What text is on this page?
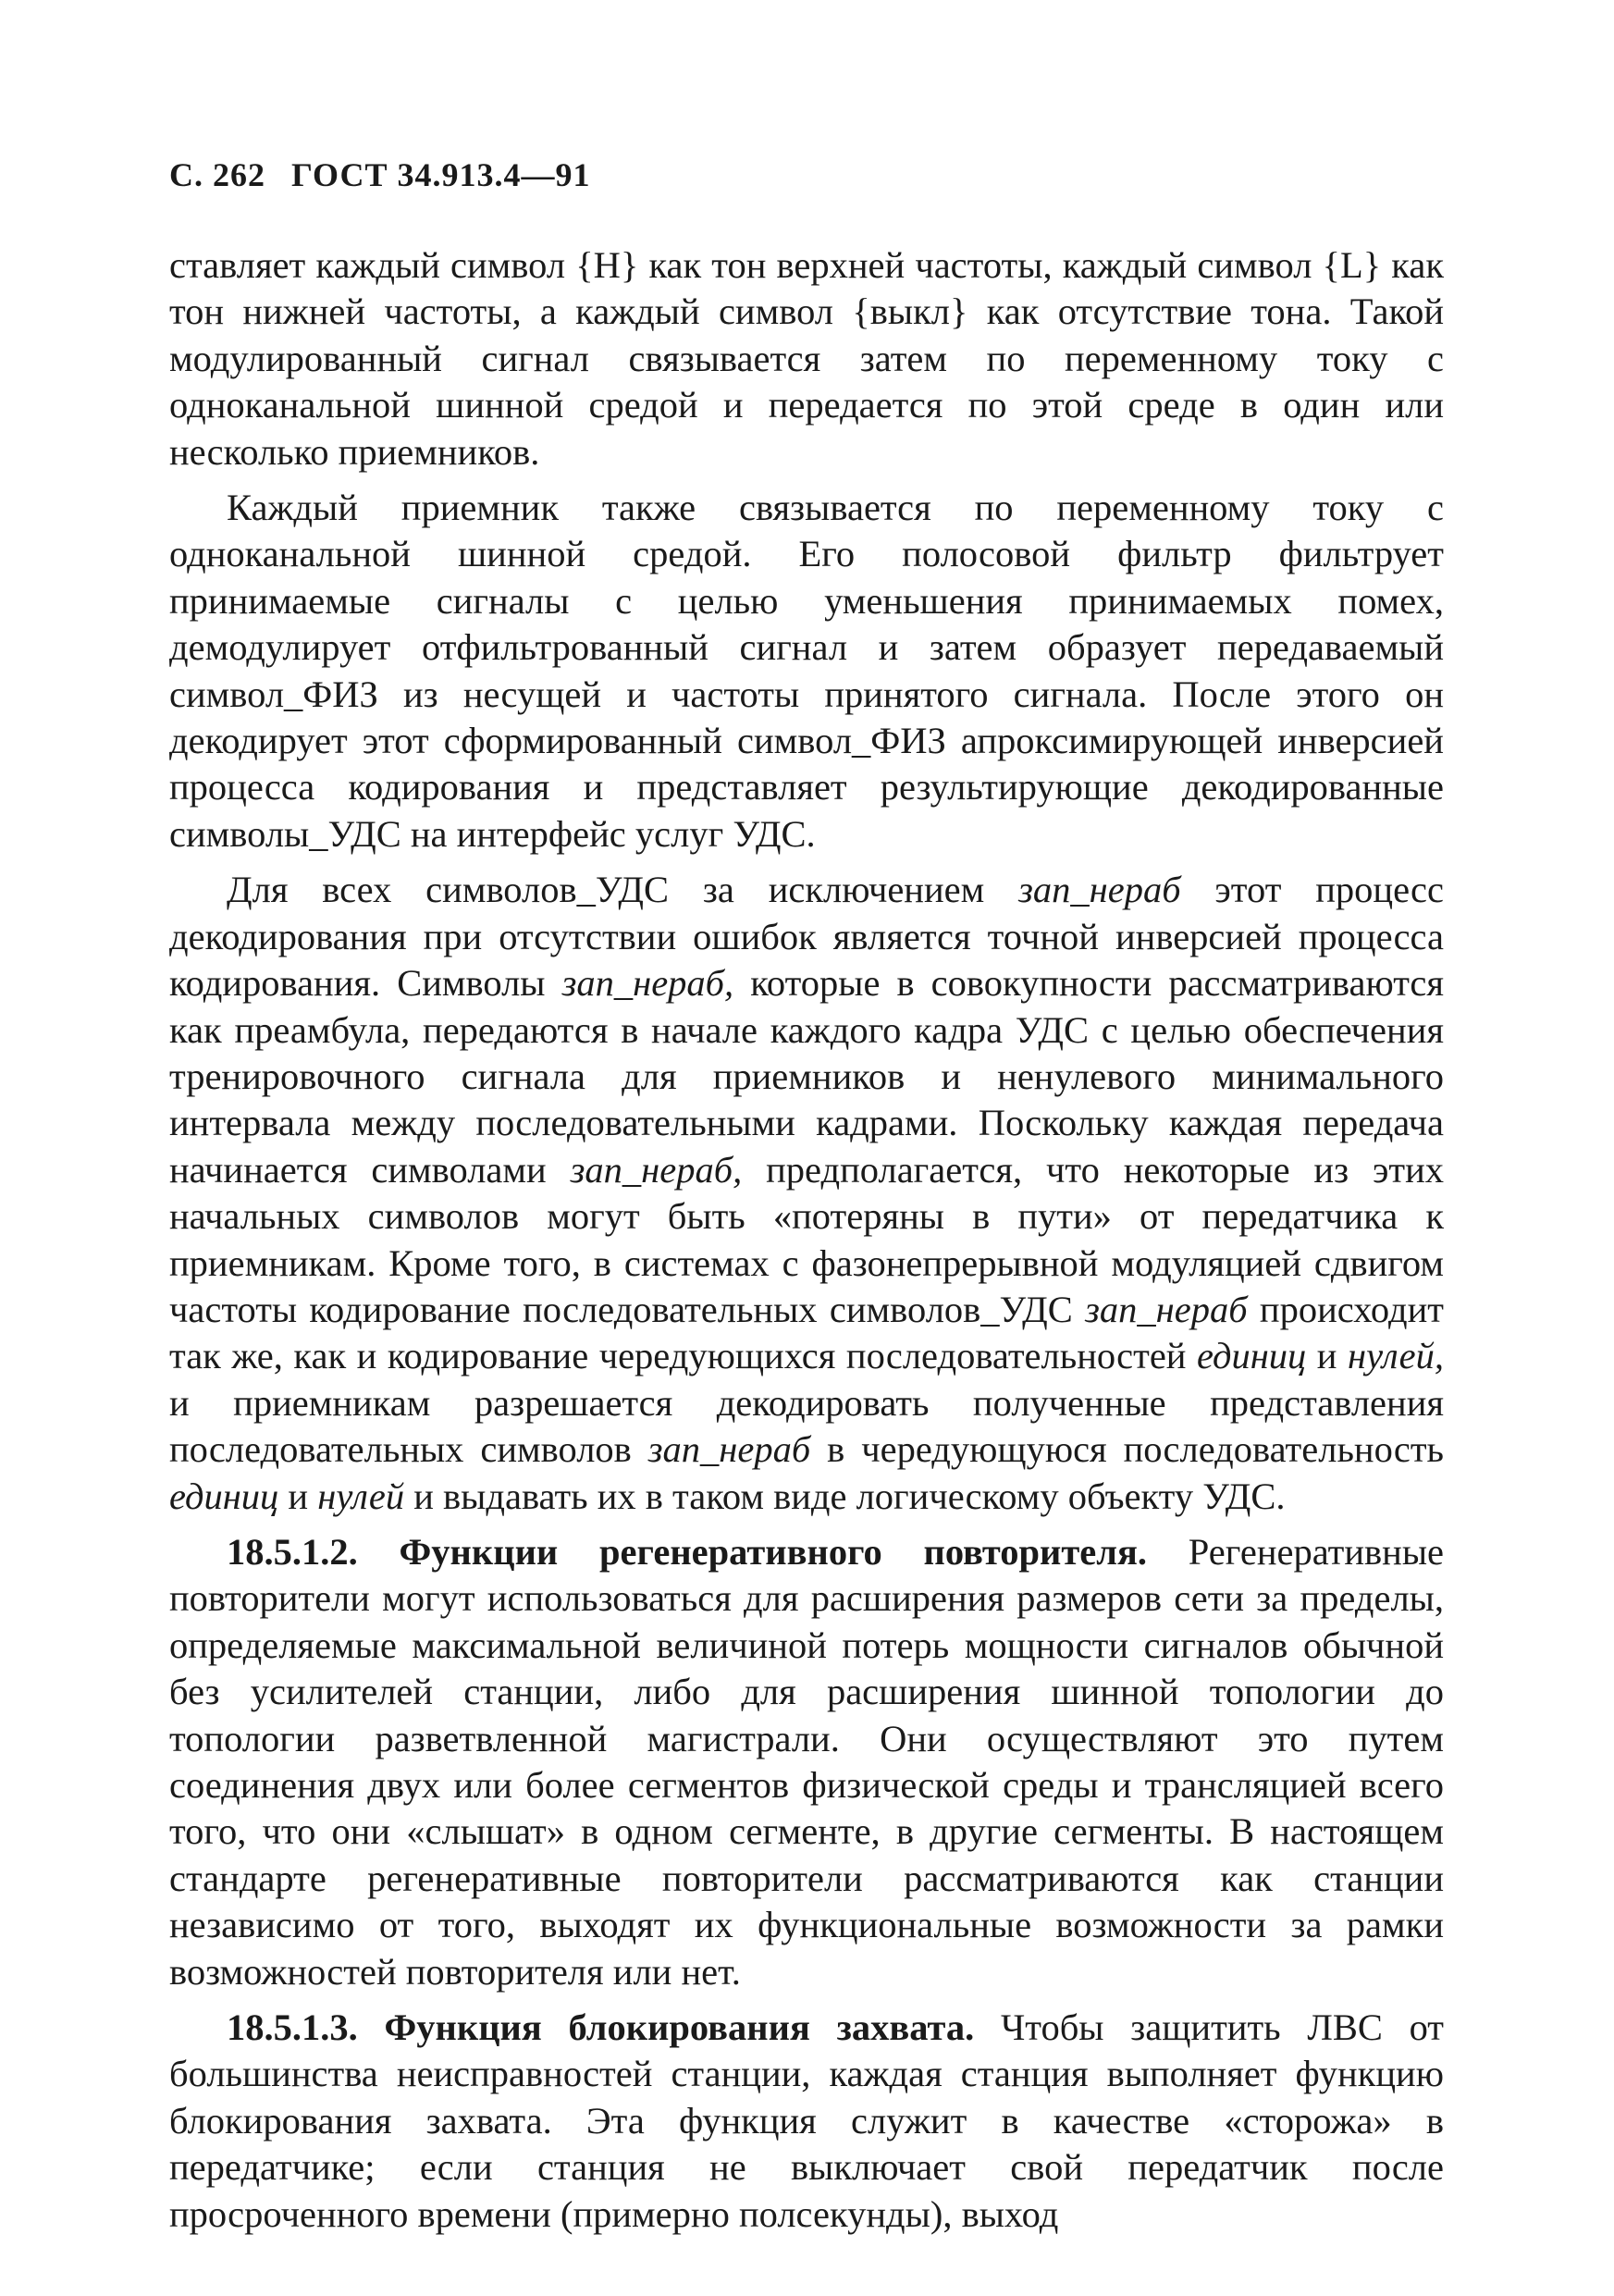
С. 262 ГОСТ 34.913.4—91

ставляет каждый символ {H} как тон верхней частоты, каждый символ {L} как тон нижней частоты, а каждый символ {выкл} как отсутствие тона. Такой модулированный сигнал связывается затем по переменному току с одноканальной шинной средой и передается по этой среде в один или несколько приемников.

Каждый приемник также связывается по переменному току с одноканальной шинной средой. Его полосовой фильтр фильтрует принимаемые сигналы с целью уменьшения принимаемых помех, демодулирует отфильтрованный сигнал и затем образует передаваемый символ_ФИЗ из несущей и частоты принятого сигнала. После этого он декодирует этот сформированный символ_ФИЗ апроксимирующей инверсией процесса кодирования и представляет результирующие декодированные символы_УДС на интерфейс услуг УДС.

Для всех символов_УДС за исключением зап_нераб этот процесс декодирования при отсутствии ошибок является точной инверсией процесса кодирования. Символы зап_нераб, которые в совокупности рассматриваются как преамбула, передаются в начале каждого кадра УДС с целью обеспечения тренировочного сигнала для приемников и ненулевого минимального интервала между последовательными кадрами. Поскольку каждая передача начинается символами зап_нераб, предполагается, что некоторые из этих начальных символов могут быть «потеряны в пути» от передатчика к приемникам. Кроме того, в системах с фазонепрерывной модуляцией сдвигом частоты кодирование последовательных символов_УДС зап_нераб происходит так же, как и кодирование чередующихся последовательностей единиц и нулей, и приемникам разрешается декодировать полученные представления последовательных символов зап_нераб в чередующуюся последовательность единиц и нулей и выдавать их в таком виде логическому объекту УДС.

18.5.1.2. Функции регенеративного повторителя. Регенеративные повторители могут использоваться для расширения размеров сети за пределы, определяемые максимальной величиной потерь мощности сигналов обычной без усилителей станции, либо для расширения шинной топологии до топологии разветвленной магистрали. Они осуществляют это путем соединения двух или более сегментов физической среды и трансляцией всего того, что они «слышат» в одном сегменте, в другие сегменты. В настоящем стандарте регенеративные повторители рассматриваются как станции независимо от того, выходят их функциональные возможности за рамки возможностей повторителя или нет.

18.5.1.3. Функция блокирования захвата. Чтобы защитить ЛВС от большинства неисправностей станции, каждая станция выполняет функцию блокирования захвата. Эта функция служит в качестве «сторожа» в передатчике; если станция не выключает свой передатчик после просроченного времени (примерно полсекунды), выход
